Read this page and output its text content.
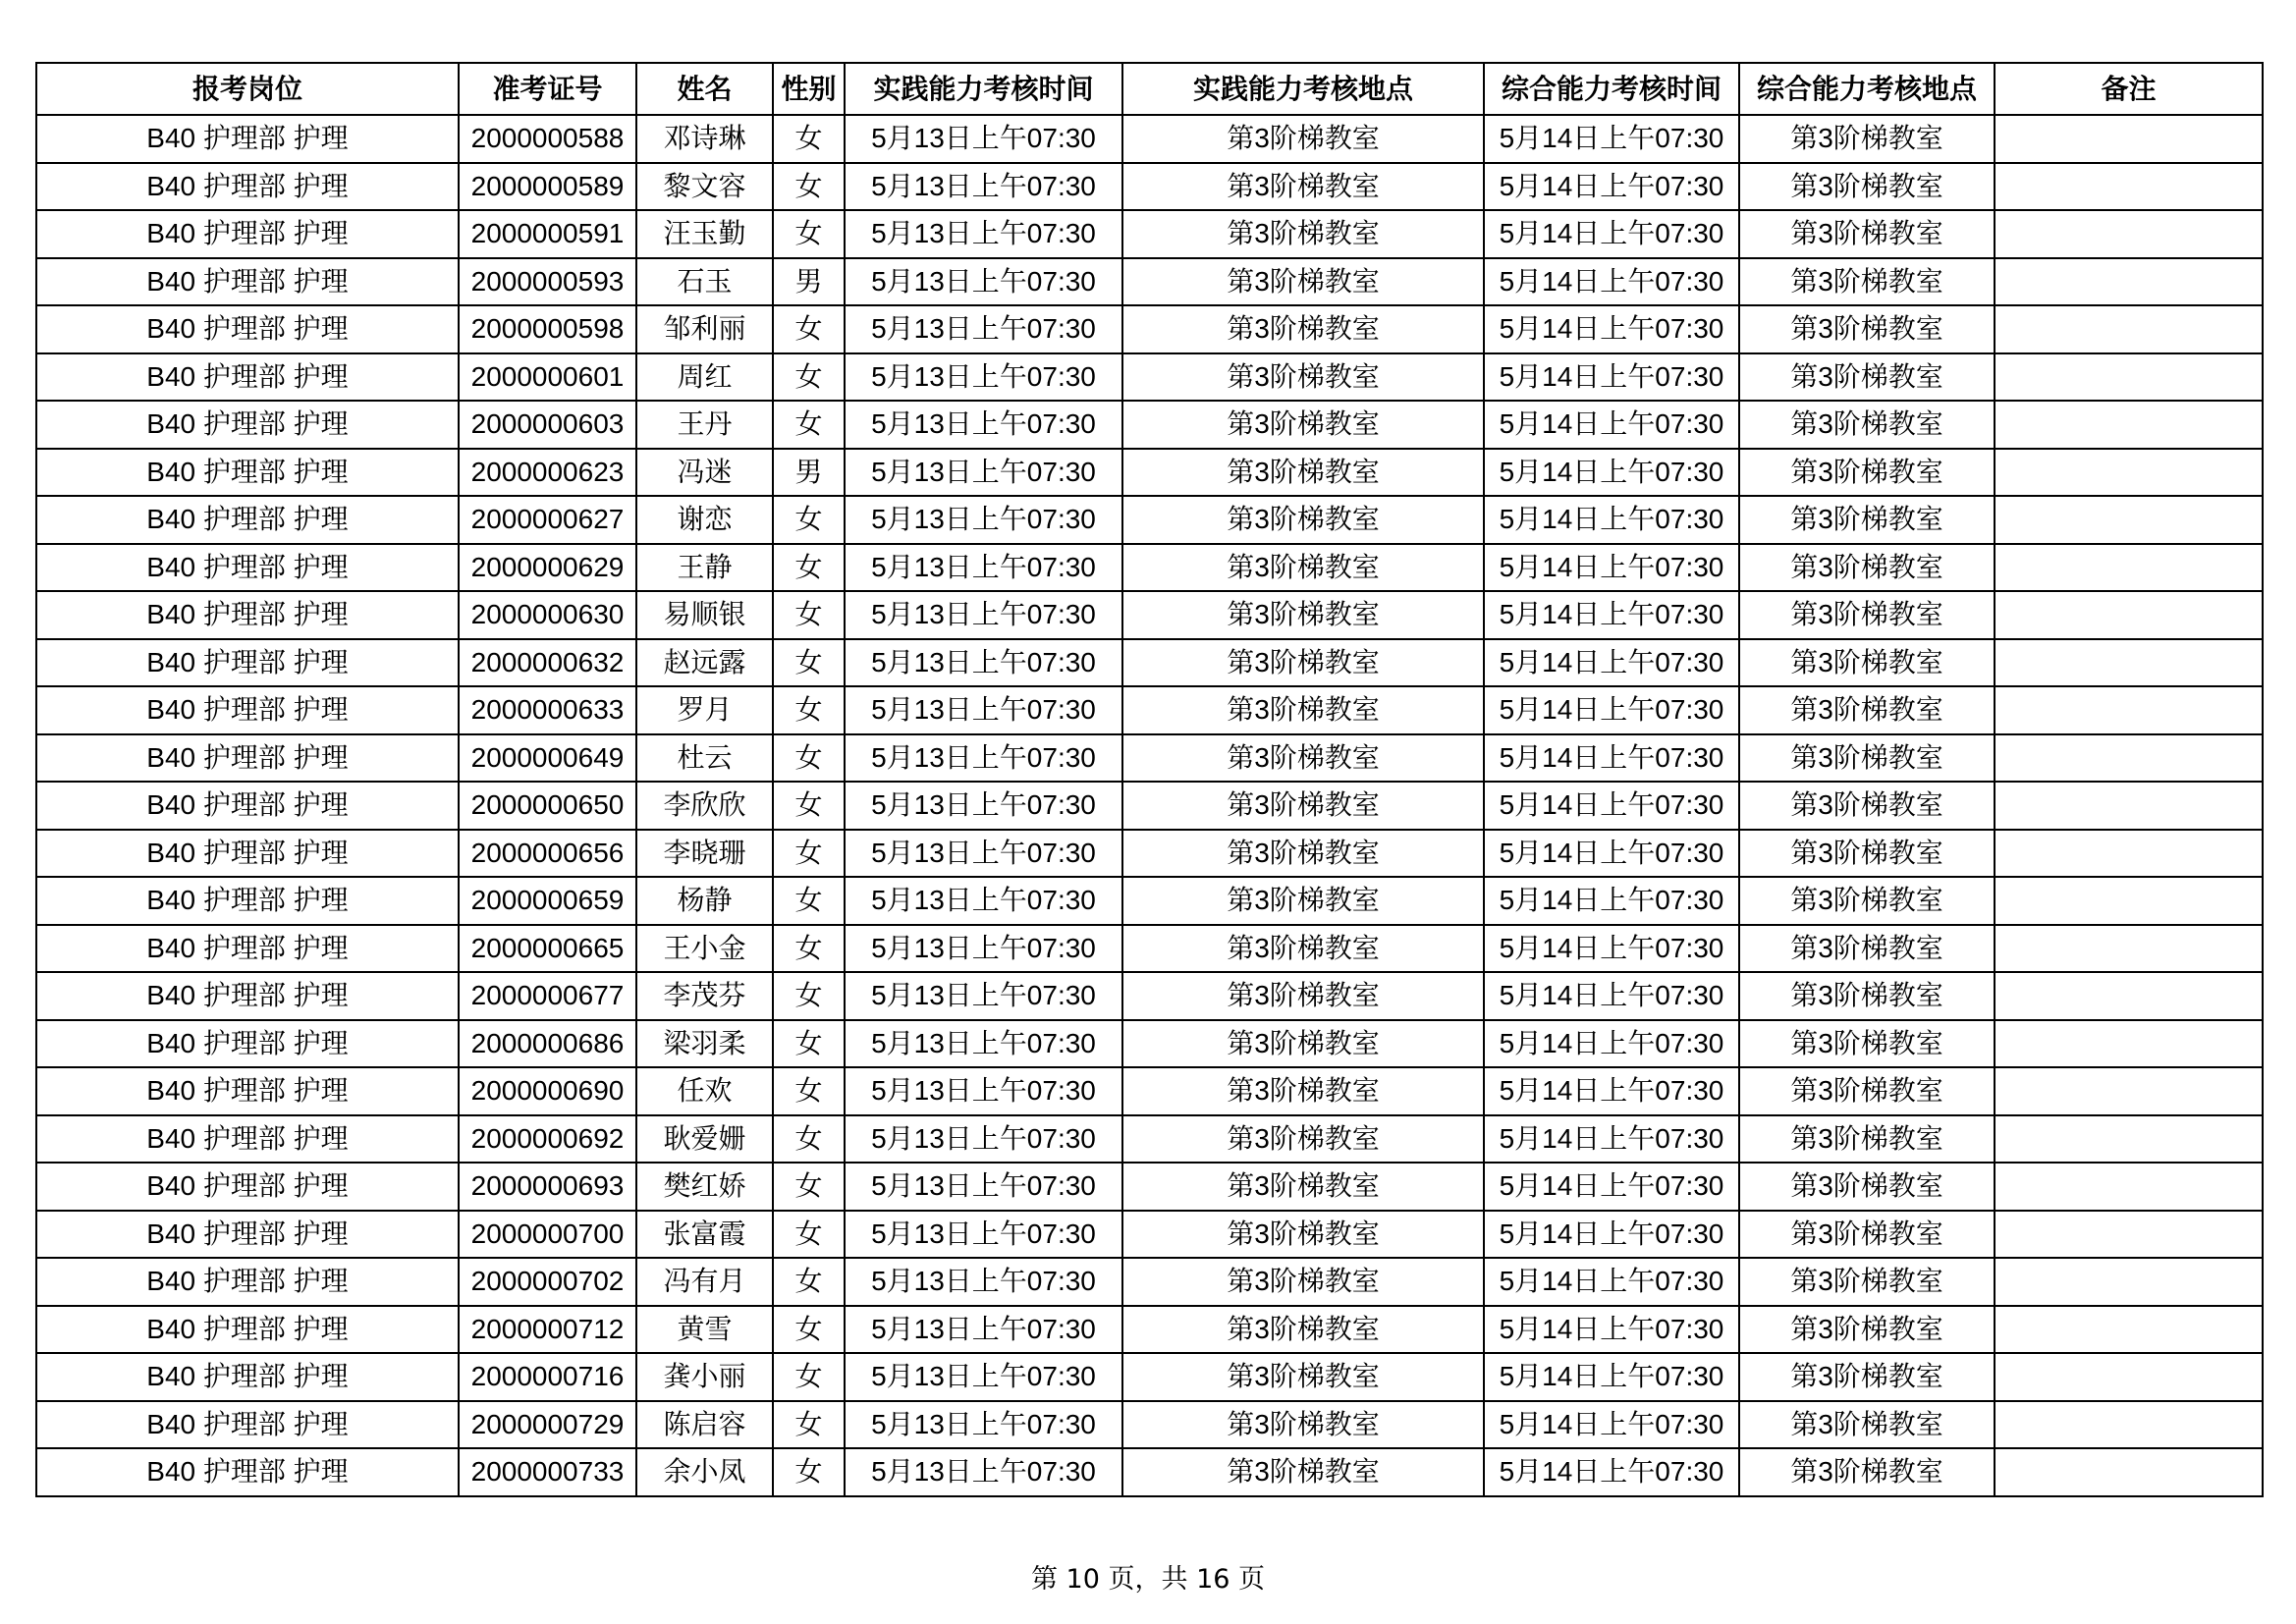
报考岗位	准考证号	姓名	性别	实践能力考核时间	实践能力考核地点	综合能力考核时间	综合能力考核地点	备注
B40 护理部 护理	2000000588	邓诗琳	女	5月13日上午07:30	第3阶梯教室	5月14日上午07:30	第3阶梯教室	
B40 护理部 护理	2000000589	黎文容	女	5月13日上午07:30	第3阶梯教室	5月14日上午07:30	第3阶梯教室	
B40 护理部 护理	2000000591	汪玉勤	女	5月13日上午07:30	第3阶梯教室	5月14日上午07:30	第3阶梯教室	
B40 护理部 护理	2000000593	石玉	男	5月13日上午07:30	第3阶梯教室	5月14日上午07:30	第3阶梯教室	
B40 护理部 护理	2000000598	邹利丽	女	5月13日上午07:30	第3阶梯教室	5月14日上午07:30	第3阶梯教室	
B40 护理部 护理	2000000601	周红	女	5月13日上午07:30	第3阶梯教室	5月14日上午07:30	第3阶梯教室	
B40 护理部 护理	2000000603	王丹	女	5月13日上午07:30	第3阶梯教室	5月14日上午07:30	第3阶梯教室	
B40 护理部 护理	2000000623	冯迷	男	5月13日上午07:30	第3阶梯教室	5月14日上午07:30	第3阶梯教室	
B40 护理部 护理	2000000627	谢恋	女	5月13日上午07:30	第3阶梯教室	5月14日上午07:30	第3阶梯教室	
B40 护理部 护理	2000000629	王静	女	5月13日上午07:30	第3阶梯教室	5月14日上午07:30	第3阶梯教室	
B40 护理部 护理	2000000630	易顺银	女	5月13日上午07:30	第3阶梯教室	5月14日上午07:30	第3阶梯教室	
B40 护理部 护理	2000000632	赵远露	女	5月13日上午07:30	第3阶梯教室	5月14日上午07:30	第3阶梯教室	
B40 护理部 护理	2000000633	罗月	女	5月13日上午07:30	第3阶梯教室	5月14日上午07:30	第3阶梯教室	
B40 护理部 护理	2000000649	杜云	女	5月13日上午07:30	第3阶梯教室	5月14日上午07:30	第3阶梯教室	
B40 护理部 护理	2000000650	李欣欣	女	5月13日上午07:30	第3阶梯教室	5月14日上午07:30	第3阶梯教室	
B40 护理部 护理	2000000656	李晓珊	女	5月13日上午07:30	第3阶梯教室	5月14日上午07:30	第3阶梯教室	
B40 护理部 护理	2000000659	杨静	女	5月13日上午07:30	第3阶梯教室	5月14日上午07:30	第3阶梯教室	
B40 护理部 护理	2000000665	王小金	女	5月13日上午07:30	第3阶梯教室	5月14日上午07:30	第3阶梯教室	
B40 护理部 护理	2000000677	李茂芬	女	5月13日上午07:30	第3阶梯教室	5月14日上午07:30	第3阶梯教室	
B40 护理部 护理	2000000686	梁羽柔	女	5月13日上午07:30	第3阶梯教室	5月14日上午07:30	第3阶梯教室	
B40 护理部 护理	2000000690	任欢	女	5月13日上午07:30	第3阶梯教室	5月14日上午07:30	第3阶梯教室	
B40 护理部 护理	2000000692	耿爱姗	女	5月13日上午07:30	第3阶梯教室	5月14日上午07:30	第3阶梯教室	
B40 护理部 护理	2000000693	樊红娇	女	5月13日上午07:30	第3阶梯教室	5月14日上午07:30	第3阶梯教室	
B40 护理部 护理	2000000700	张富霞	女	5月13日上午07:30	第3阶梯教室	5月14日上午07:30	第3阶梯教室	
B40 护理部 护理	2000000702	冯有月	女	5月13日上午07:30	第3阶梯教室	5月14日上午07:30	第3阶梯教室	
B40 护理部 护理	2000000712	黄雪	女	5月13日上午07:30	第3阶梯教室	5月14日上午07:30	第3阶梯教室	
B40 护理部 护理	2000000716	龚小丽	女	5月13日上午07:30	第3阶梯教室	5月14日上午07:30	第3阶梯教室	
B40 护理部 护理	2000000729	陈启容	女	5月13日上午07:30	第3阶梯教室	5月14日上午07:30	第3阶梯教室	
B40 护理部 护理	2000000733	余小凤	女	5月13日上午07:30	第3阶梯教室	5月14日上午07:30	第3阶梯教室	
第 10 页，共 16 页
